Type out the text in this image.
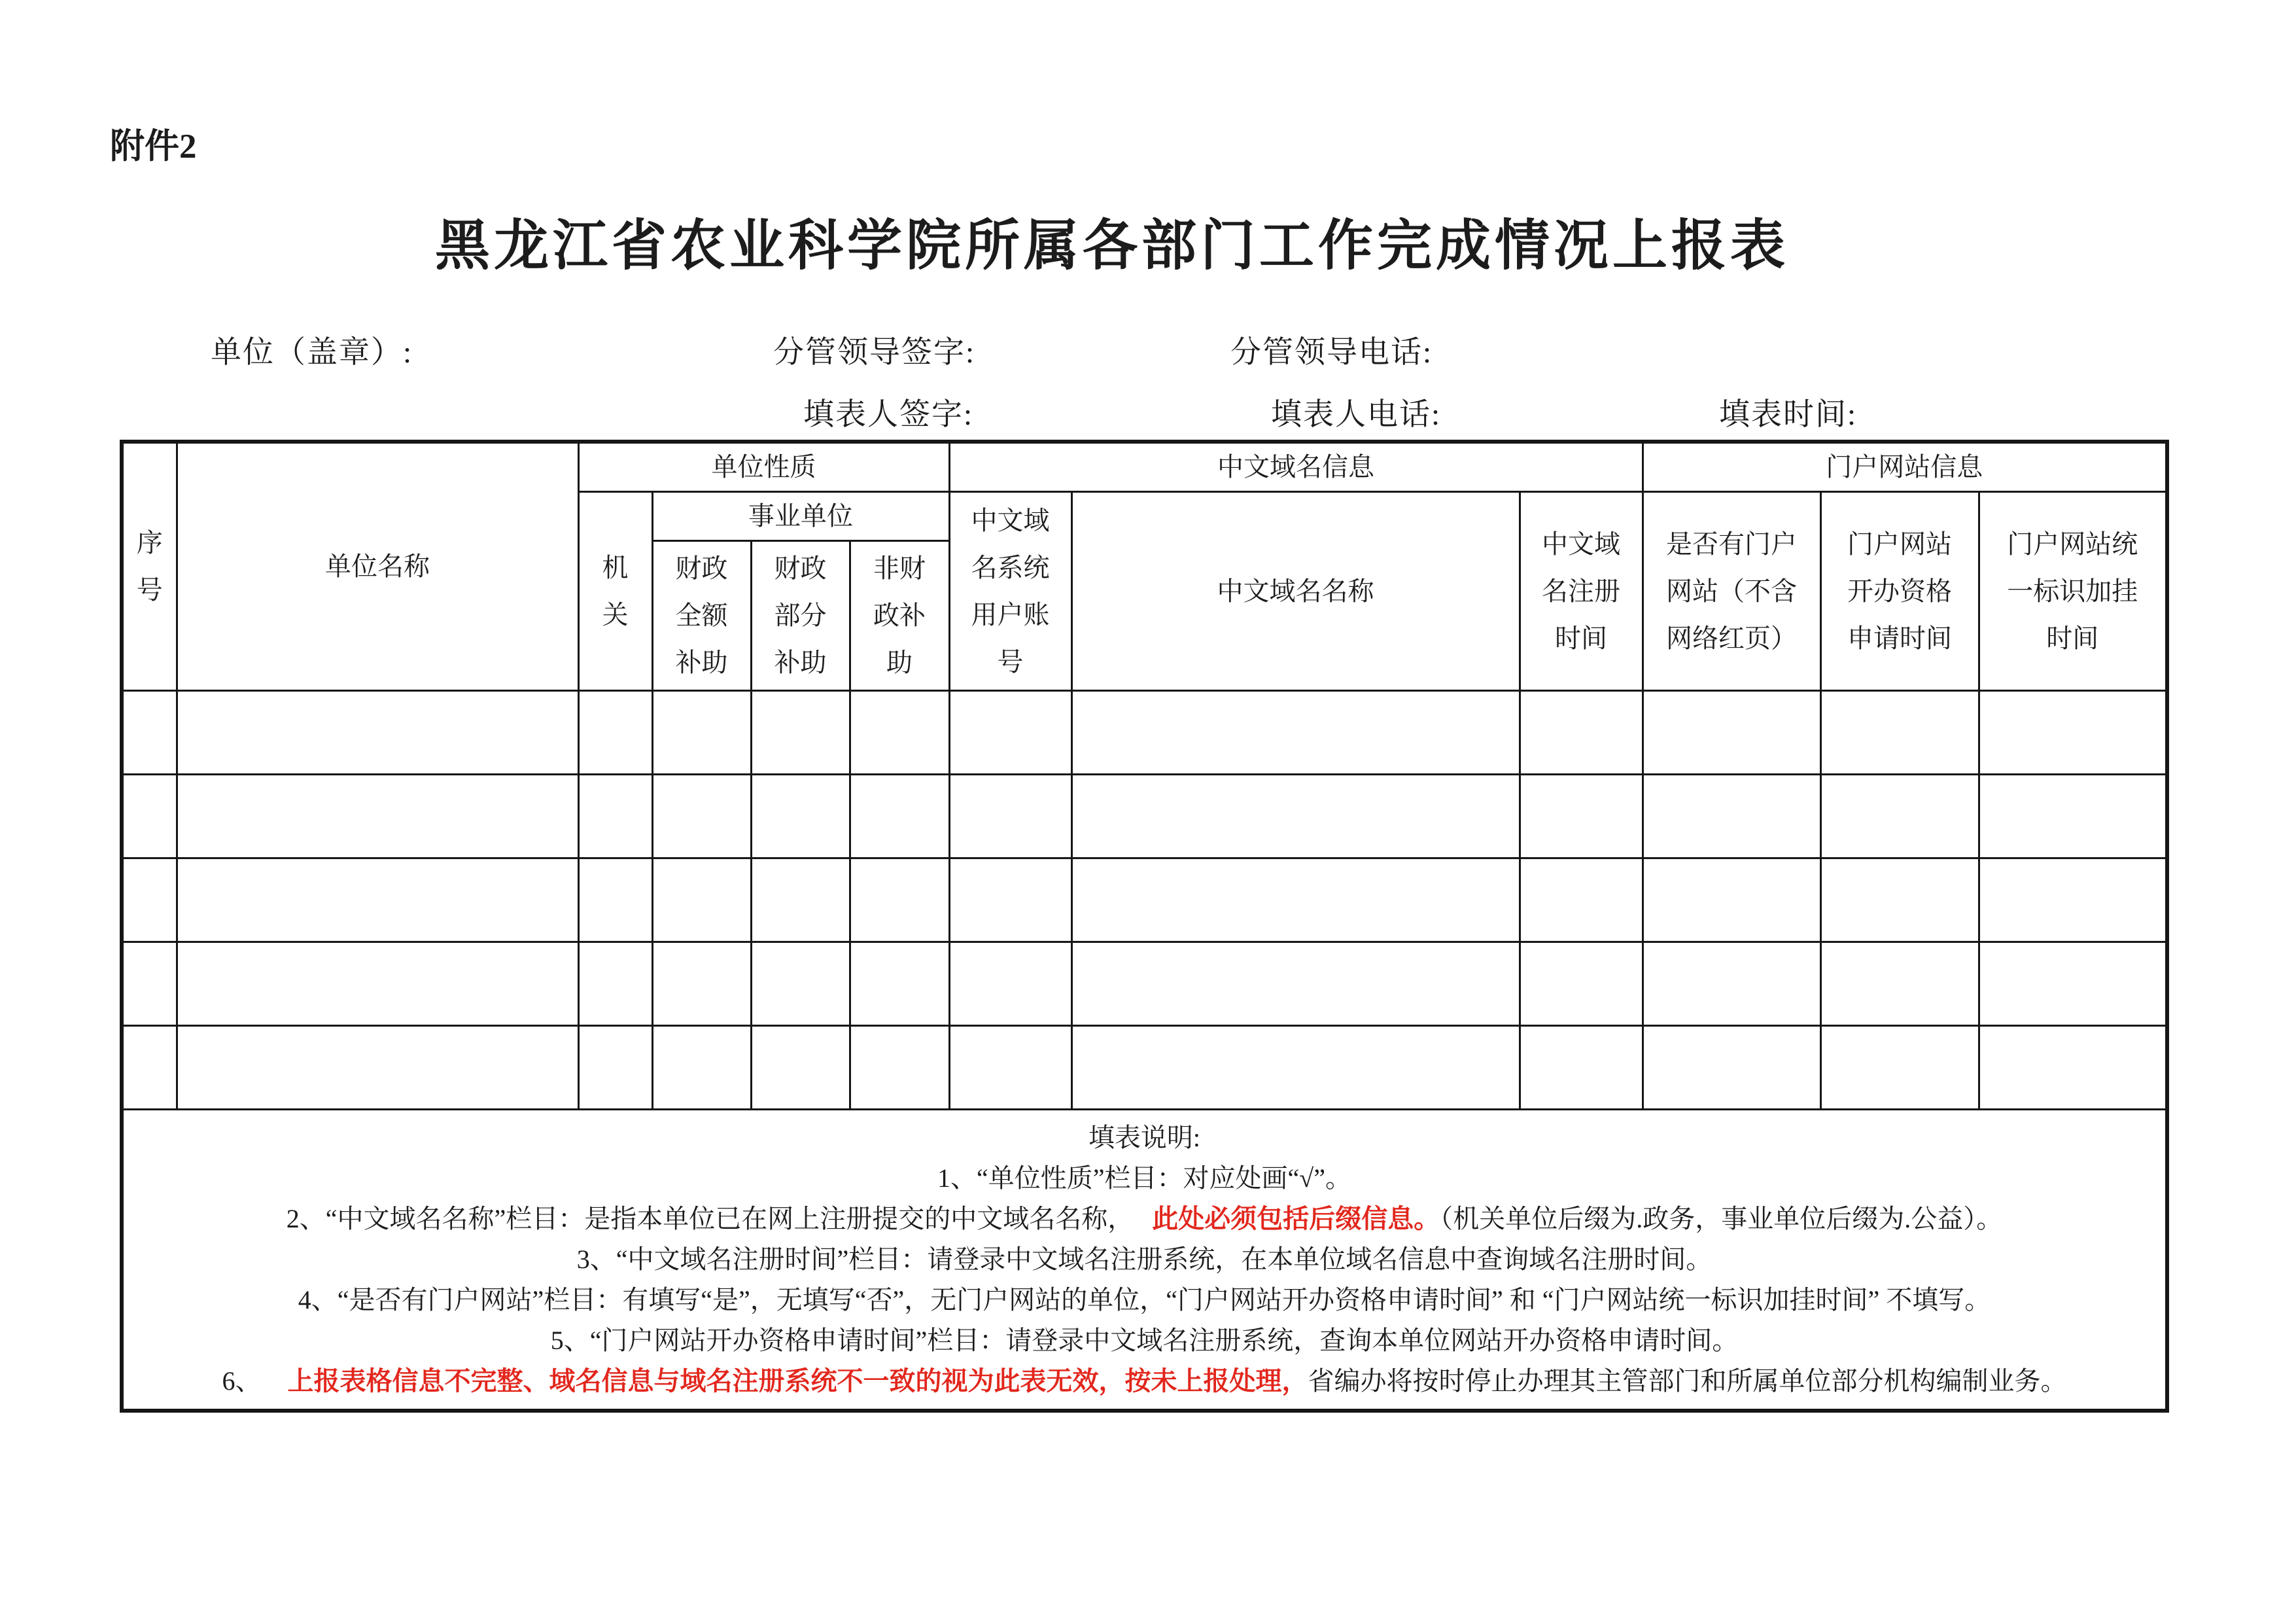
附件2
黑龙江省农业科学院所属各部门工作完成情况上报表
单位（盖章）:	分管领导签字:	分管领导电话:
填表人签字:	填表人电话:	填表时间:
序号	单位名称	单位性质				中文域名信息			门户网站信息		
		机关	事业单位			中文域名系统用户账号	中文域名名称	中文域名注册时间	是否有门户网站（不含网络红页）	门户网站开办资格申请时间	门户网站统一标识加挂时间
			财政全额补助	财政部分补助	非财政补助						

填表说明:

1、“单位性质”栏目：对应处画“√”。

2、“中文域名名称”栏目：是指本单位已在网上注册提交的中文域名名称， 此处必须包括后缀信息。（机关单位后缀为.政务，事业单位后缀为.公益）。

3、“中文域名注册时间”栏目：请登录中文域名注册系统，在本单位域名信息中查询域名注册时间。

4、“是否有门户网站”栏目：有填写“是”，无填写“否”，无门户网站的单位，“门户网站开办资格申请时间” 和 “门户网站统一标识加挂时间” 不填写。

5、“门户网站开办资格申请时间”栏目：请登录中文域名注册系统，查询本单位网站开办资格申请时间。

6、 上报表格信息不完整、域名信息与域名注册系统不一致的视为此表无效，按未上报处理，省编办将按时停止办理其主管部门和所属单位部分机构编制业务。
